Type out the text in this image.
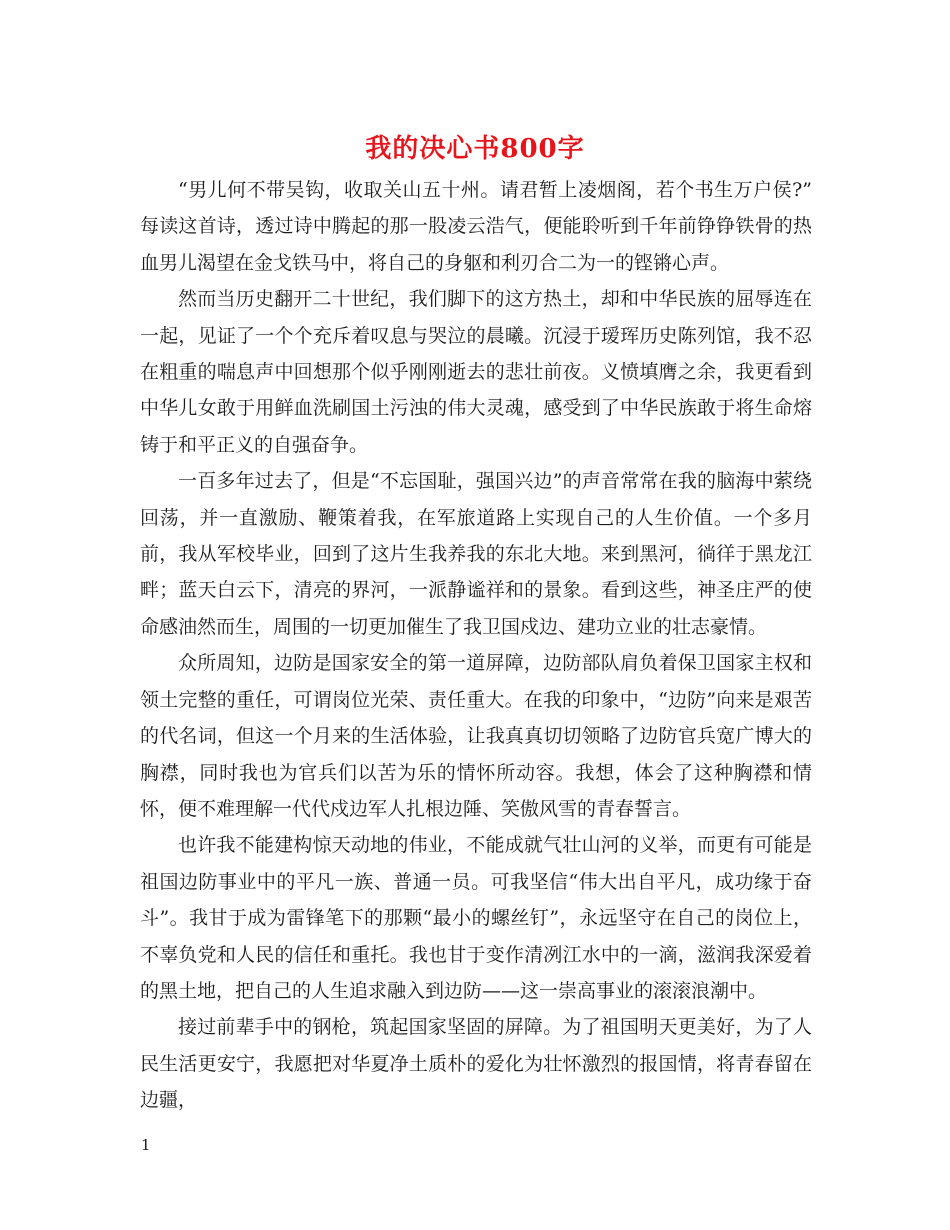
我的决心书800字

“男儿何不带吴钩，收取关山五十州。请君暂上凌烟阁，若个书生万户侯?” 每读这首诗，透过诗中腾起的那一股凌云浩气，便能聆听到千年前铮铮铁骨的热血男儿渴望在金戈铁马中，将自己的身躯和利刃合二为一的铿锵心声。

然而当历史翻开二十世纪，我们脚下的这方热土，却和中华民族的屈辱连在一起，见证了一个个充斥着叹息与哭泣的晨曦。沉浸于瑷珲历史陈列馆，我不忍在粗重的喘息声中回想那个似乎刚刚逝去的悲壮前夜。义愤填膺之余，我更看到中华儿女敢于用鲜血洗刷国土污浊的伟大灵魂，感受到了中华民族敢于将生命熔铸于和平正义的自强奋争。

一百多年过去了，但是“不忘国耻，强国兴边”的声音常常在我的脑海中萦绕回荡，并一直激励、鞭策着我，在军旅道路上实现自己的人生价值。一个多月前，我从军校毕业，回到了这片生我养我的东北大地。来到黑河，徜徉于黑龙江畔；蓝天白云下，清亮的界河，一派静谧祥和的景象。看到这些，神圣庄严的使命感油然而生，周围的一切更加催生了我卫国戍边、建功立业的壮志豪情。

众所周知，边防是国家安全的第一道屏障，边防部队肩负着保卫国家主权和领土完整的重任，可谓岗位光荣、责任重大。在我的印象中，“边防”向来是艰苦的代名词，但这一个月来的生活体验，让我真真切切领略了边防官兵宽广博大的胸襟，同时我也为官兵们以苦为乐的情怀所动容。我想，体会了这种胸襟和情怀，便不难理解一代代戍边军人扎根边陲、笑傲风雪的青春誓言。

也许我不能建构惊天动地的伟业，不能成就气壮山河的义举，而更有可能是祖国边防事业中的平凡一族、普通一员。可我坚信“伟大出自平凡，成功缘于奋斗”。我甘于成为雷锋笔下的那颗“最小的螺丝钉”，永远坚守在自己的岗位上，不辜负党和人民的信任和重托。我也甘于变作清冽江水中的一滴，滋润我深爱着的黑土地，把自己的人生追求融入到边防——这一崇高事业的滚滚浪潮中。

接过前辈手中的钢枪，筑起国家坚固的屏障。为了祖国明天更美好，为了人民生活更安宁，我愿把对华夏净土质朴的爱化为壮怀激烈的报国情，将青春留在边疆，

1
